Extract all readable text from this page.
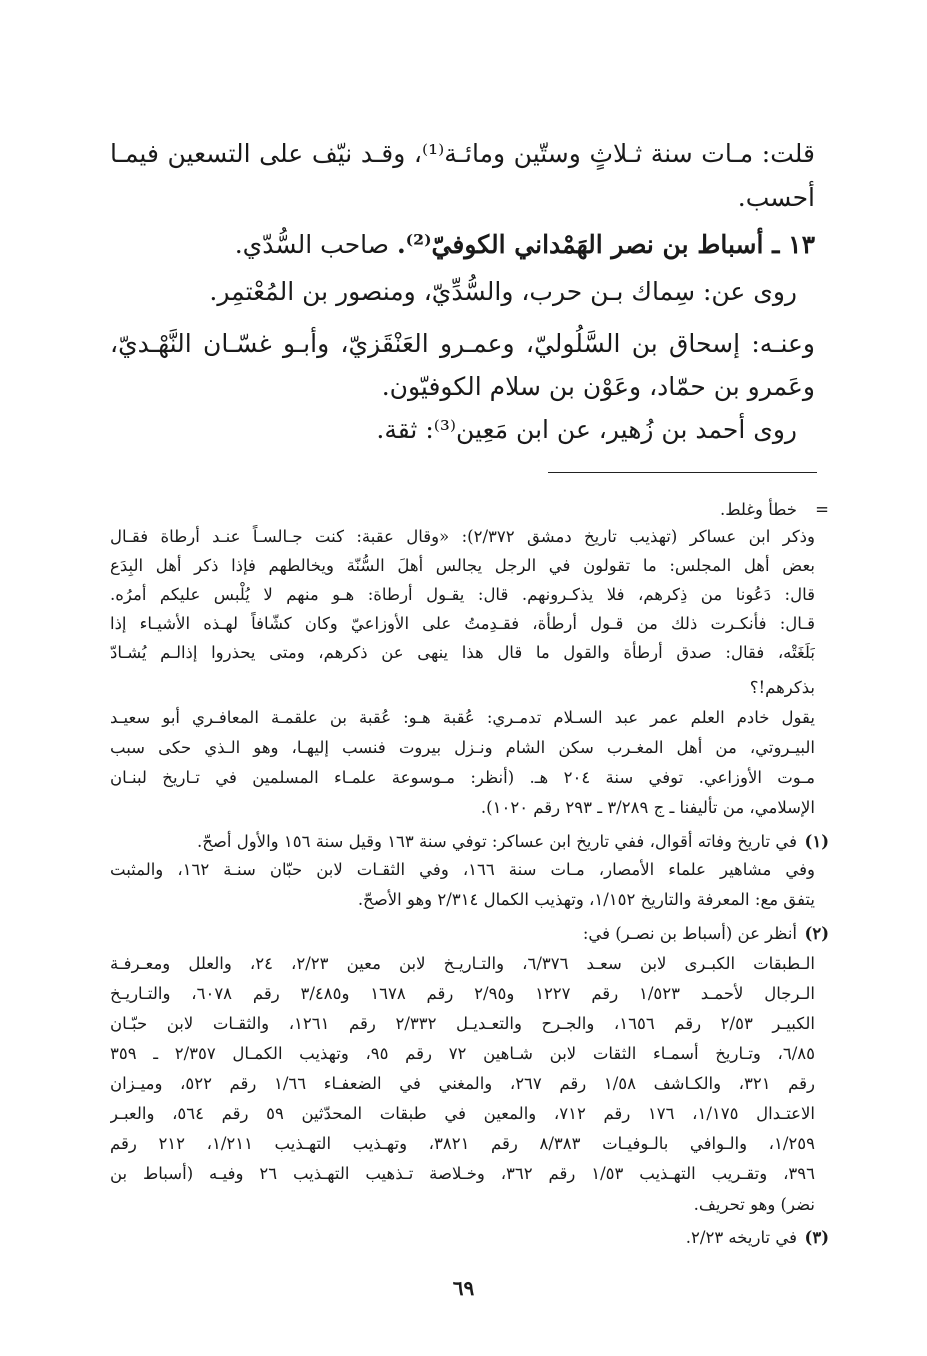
قلت: مـات سنة ثـلاثٍ وستّين ومائـة⁽¹⁾، وقـد نيّف على التسعين فيمـا
أحسب.
١٣ ـ أسباط بن نصر الهَمْداني الكوفيّ⁽²⁾. صاحب السُّدّي.
روى عن: سِماك بـن حرب، والسُّدِّيّ، ومنصور بن المُعْتمِر.
وعنـه: إسحاق بن السَّلُوليّ، وعمـرو العَنْقَزيّ، وأبـو غسّـان النَّهْـديّ،
وعَمرو بن حمّاد، وعَوْن بن سلام الكوفيّون.
روى أحمد بن زُهير، عن ابن مَعِين⁽³⁾: ثقة.
=
خطأ وغلط.
وذكر ابن عساكر (تهذيب تاريخ دمشق ٢/٣٧٢): «وقال عقبة: كنت جـالسـاً عنـد أرطاة فقـال
بعض أهل المجلس: ما تقولون في الرجل يجالس أهلَ السُّنّة ويخالطهم فإذا ذكر أهل البِدَع
قال: دَعُونا من ذِكرهم، فلا يذكـرونهم. قال: يقـول أرطاة: هـو منهم لا يُلْبس عليكم أمرُه.
قـال: فأنكـرت ذلك من قـول أرطأة، فقـدِمتُ على الأوزاعيّ وكان كشّافاً لهـذه الأشيـاء إذا
بَلَغَتْه، فقال: صدق أرطأة والقول ما قال هذا ينهى عن ذكرهم، ومتى يحذروا إذالـم يُشـادّ
بذكرهم!؟
يقول خادم العلم عمر عبد السـلام تدمـري: عُقبة هـو: عُقبة بن علقمـة المعافـري أبو سعيـد
البيـروتي، من أهل المغـرب سكن الشام ونـزل بيروت فنسب إليهـا، وهو الـذي حكى سبب
مـوت الأوزاعي. توفي سنة ٢٠٤ هـ. (أنظر: مـوسوعة علمـاء المسلمين في تـاريخ لبنـان
الإسلامي، من تأليفنا ـ ج ٣/٢٨٩ ـ ٢٩٣ رقم ١٠٢٠).
(١)
في تاريخ وفاته أقوال، ففي تاريخ ابن عساكر: توفي سنة ١٦٣ وقيل سنة ١٥٦ والأول أصحّ.
وفي مشاهير علماء الأمصار، مـات سنة ١٦٦، وفي الثقـات لابن حبّان سنـة ١٦٢، والمثبت
يتفق مع: المعرفة والتاريخ ١/١٥٢، وتهذيب الكمال ٢/٣١٤ وهو الأصحّ.
(٢)
أنظر عن (أسباط بن نصـر) في:
الـطبقات الكبـرى لابن سعـد ٦/٣٧٦، والتـاريـخ لابن معين ٢/٢٣، ٢٤، والعلل ومعـرفـة
الـرجال لأحمـد ١/٥٢٣ رقم ١٢٢٧ و٢/٩٥ رقم ١٦٧٨ و٣/٤٨٥ رقم ٦٠٧٨، والتـاريـخ
الكبيـر ٢/٥٣ رقم ١٦٥٦، والجـرح والتعـديـل ٢/٣٣٢ رقم ١٢٦١، والثقـات لابن حبّـان
٦/٨٥، وتـاريخ أسمـاء الثقات لابن شـاهين ٧٢ رقم ٩٥، وتهذيب الكمـال ٢/٣٥٧ ـ ٣٥٩
رقم ٣٢١، والكـاشف ١/٥٨ رقم ٢٦٧، والمغني في الضعفـاء ١/٦٦ رقم ٥٢٢، وميـزان
الاعتـدال ١/١٧٥، ١٧٦ رقم ٧١٢، والمعين في طبقات المحدّثين ٥٩ رقم ٥٦٤، والعبـر
١/٢٥٩، والـوافي بالـوفيـات ٨/٣٨٣ رقم ٣٨٢١، وتهـذيب التهـذيب ١/٢١١، ٢١٢ رقم
٣٩٦، وتقـريب التهـذيب ١/٥٣ رقم ٣٦٢، وخـلاصة تـذهيب التهـذيب ٢٦ وفيـه (أسباط بن
نضر) وهو تحريف.
(٣)
في تاريخه ٢/٢٣.
٦٩
